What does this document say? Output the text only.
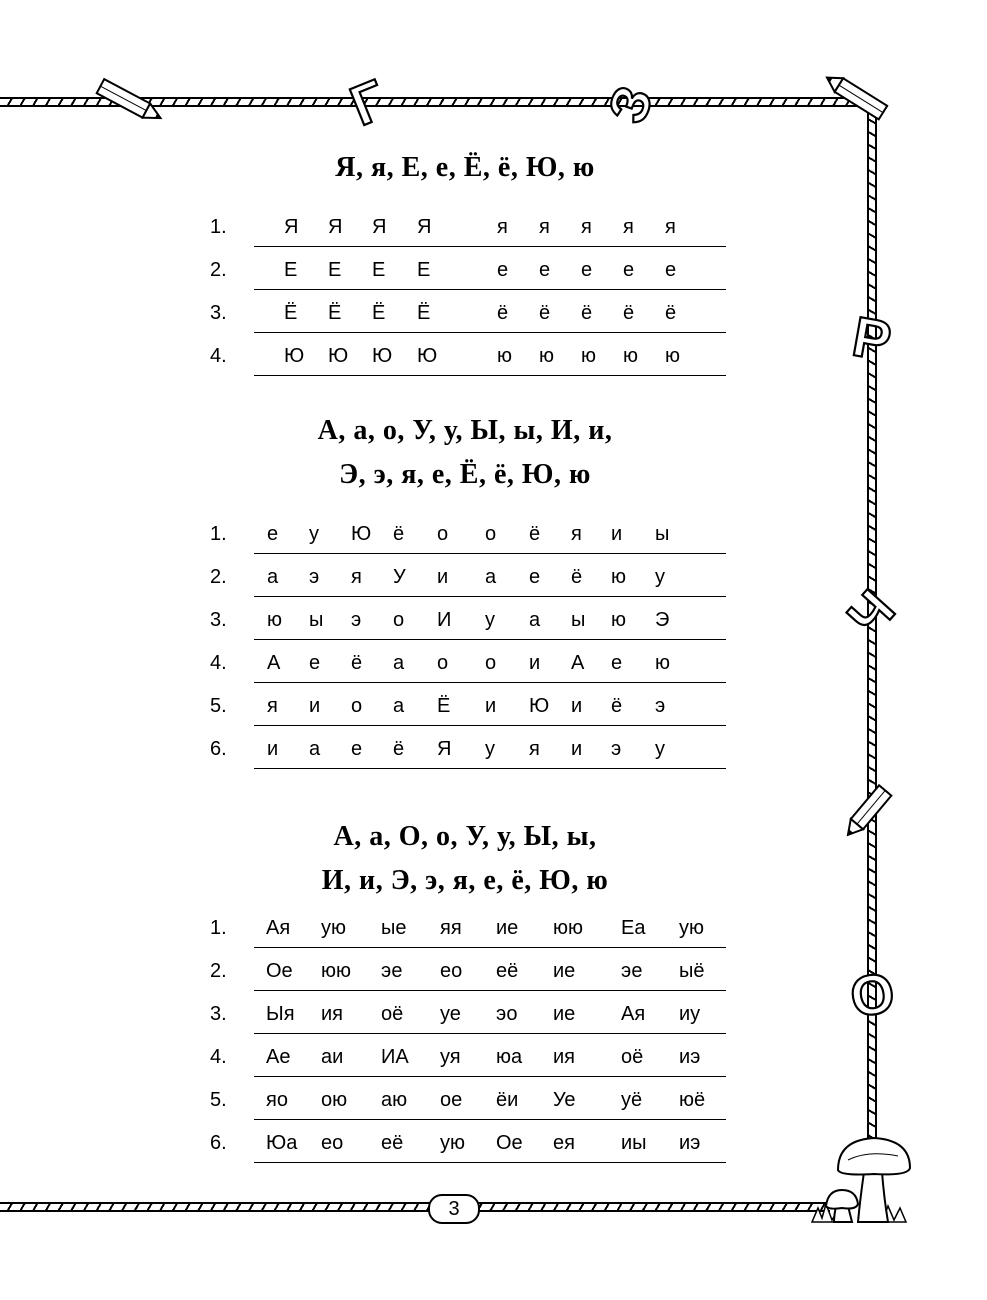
Г	З
Р
Ч
О
Я, я, Е, е, Ё, ё, Ю, ю
1.	Я Я Я Я	я я я я я
2.	Е Е Е Е	е е е е е
3.	Ё Ё Ё Ё	ё ё ё ё ё
4.	Ю Ю Ю Ю	ю ю ю ю ю
А, а, о, У, у, Ы, ы, И, и,
Э, э, я, е, Ё, ё, Ю, ю
1.	е у Ю ё о о ё я и ы
2.	а э я У и а е ё ю у
3.	ю ы э о И у а ы ю Э
4.	А е ё а о о и А е ю
5.	я и о а Ё и Ю и ё э
6.	и а е ё Я у я и э у
А, а, О, о, У, у, Ы, ы,
И, и, Э, э, я, е, ё, Ю, ю
1.	Ая ую ые яя ие юю Еа ую
2.	Ое юю эе ео её ие эе ыё
3.	Ыя ия оё уе эо ие Ая иу
4.	Ае аи ИА уя юа ия оё иэ
5.	яо ою аю ое ёи Уе уё юё
6.	Юа ео её ую Ое ея иы иэ
3
